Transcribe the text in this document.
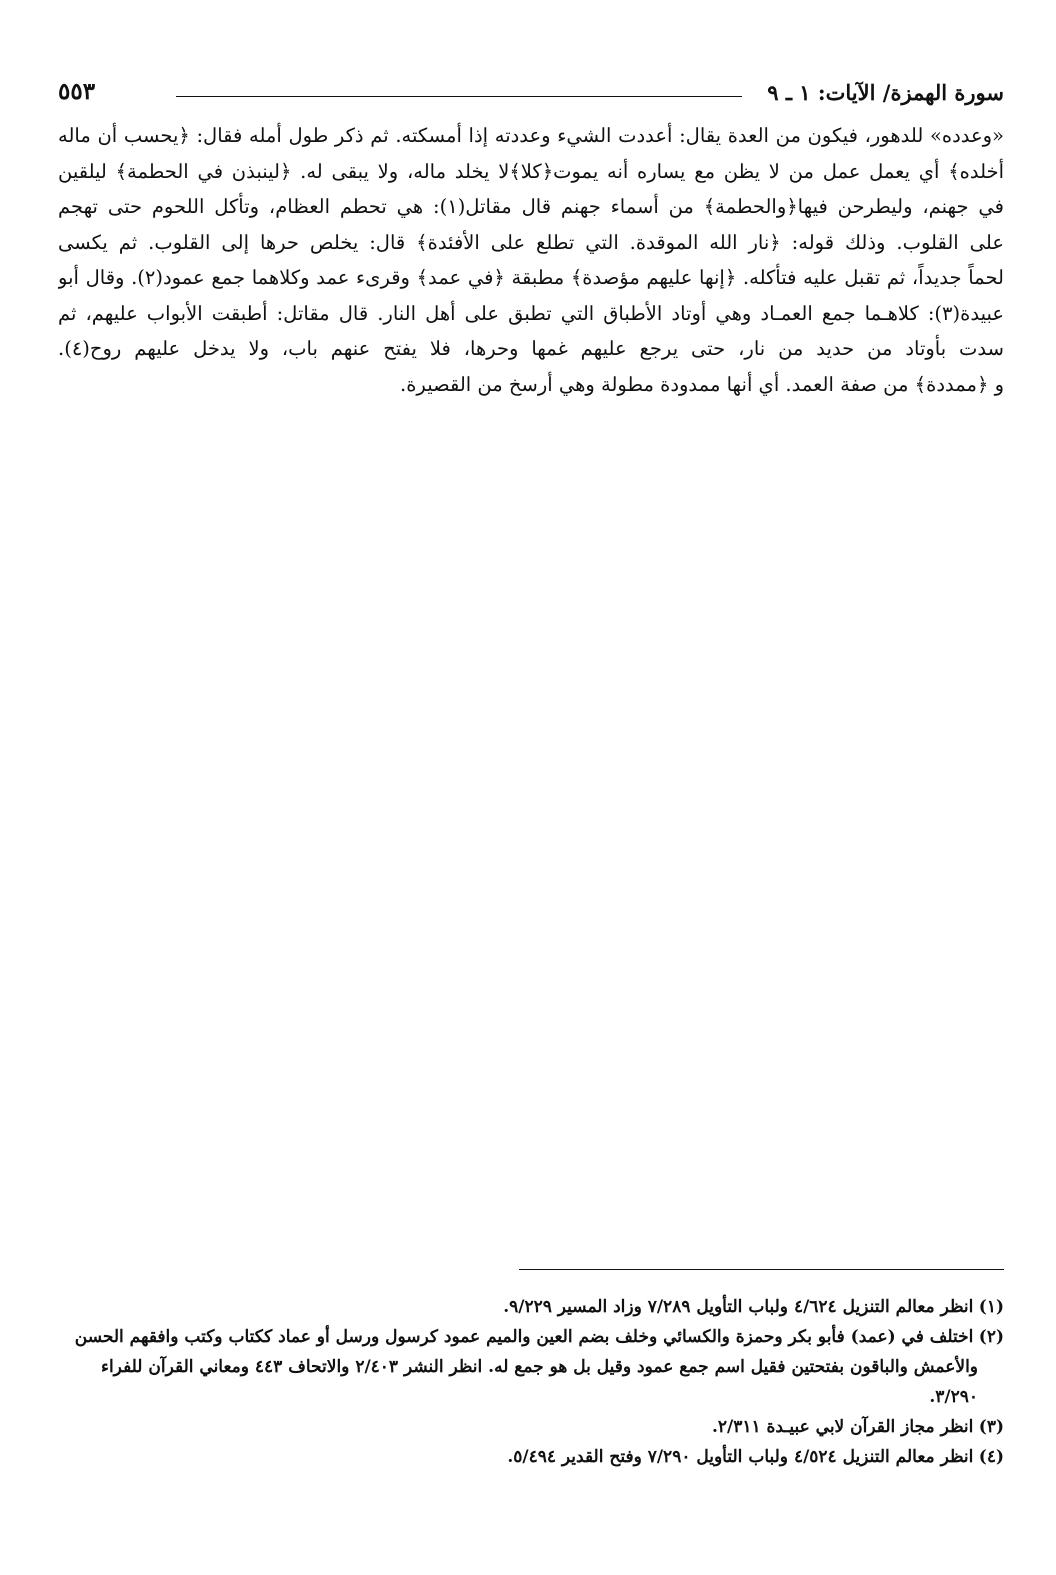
سورة الهمزة/ الآيات: ١ ـ ٩
٥٥٣
«وعدده» للدهور، فيكون من العدة يقال: أعددت الشيء وعددته إذا أمسكته. ثم ذكر طول أمله فقال: ﴿يحسب أن ماله
أخلده﴾ أي يعمل عمل من لا يظن مع يساره أنه يموت﴿كلا﴾لا يخلد ماله، ولا يبقى له. ﴿لينبذن في الحطمة﴾ ليلقين
في جهنم، وليطرحن فيها﴿والحطمة﴾ من أسماء جهنم قال مقاتل(١): هي تحطم العظام، وتأكل اللحوم حتى تهجم
على القلوب. وذلك قوله: ﴿نار الله الموقدة. التي تطلع على الأفئدة﴾ قال: يخلص حرها إلى القلوب. ثم يكسى
لحماً جديداً، ثم تقبل عليه فتأكله. ﴿إنها عليهم مؤصدة﴾ مطبقة ﴿في عمد﴾ وقرىء عمد وكلاهما جمع عمود(٢). وقال أبو
عبيدة(٣): كلاهـما جمع العمـاد وهي أوتاد الأطباق التي تطبق على أهل النار. قال مقاتل: أطبقت الأبواب عليهم، ثم
سدت بأوتاد من حديد من نار، حتى يرجع عليهم غمها وحرها، فلا يفتح عنهم باب، ولا يدخل عليهم روح(٤).
و ﴿ممددة﴾ من صفة العمد. أي أنها ممدودة مطولة وهي أرسخ من القصيرة.
(١) انظر معالم التنزيل ٤/٦٢٤ ولباب التأويل ٧/٢٨٩ وزاد المسير ٩/٢٢٩.
(٢) اختلف في (عمد) فأبو بكر وحمزة والكسائي وخلف بضم العين والميم عمود كرسول ورسل أو عماد ككتاب وكتب وافقهم الحسن
والأعمش والباقون بفتحتين فقيل اسم جمع عمود وقيل بل هو جمع له. انظر النشر ٢/٤٠٣ والاتحاف ٤٤٣ ومعاني القرآن للفراء
٣/٢٩٠.
(٣) انظر مجاز القرآن لابي عبيـدة ٢/٣١١.
(٤) انظر معالم التنزيل ٤/٥٢٤ ولباب التأويل ٧/٢٩٠ وفتح القدير ٥/٤٩٤.
